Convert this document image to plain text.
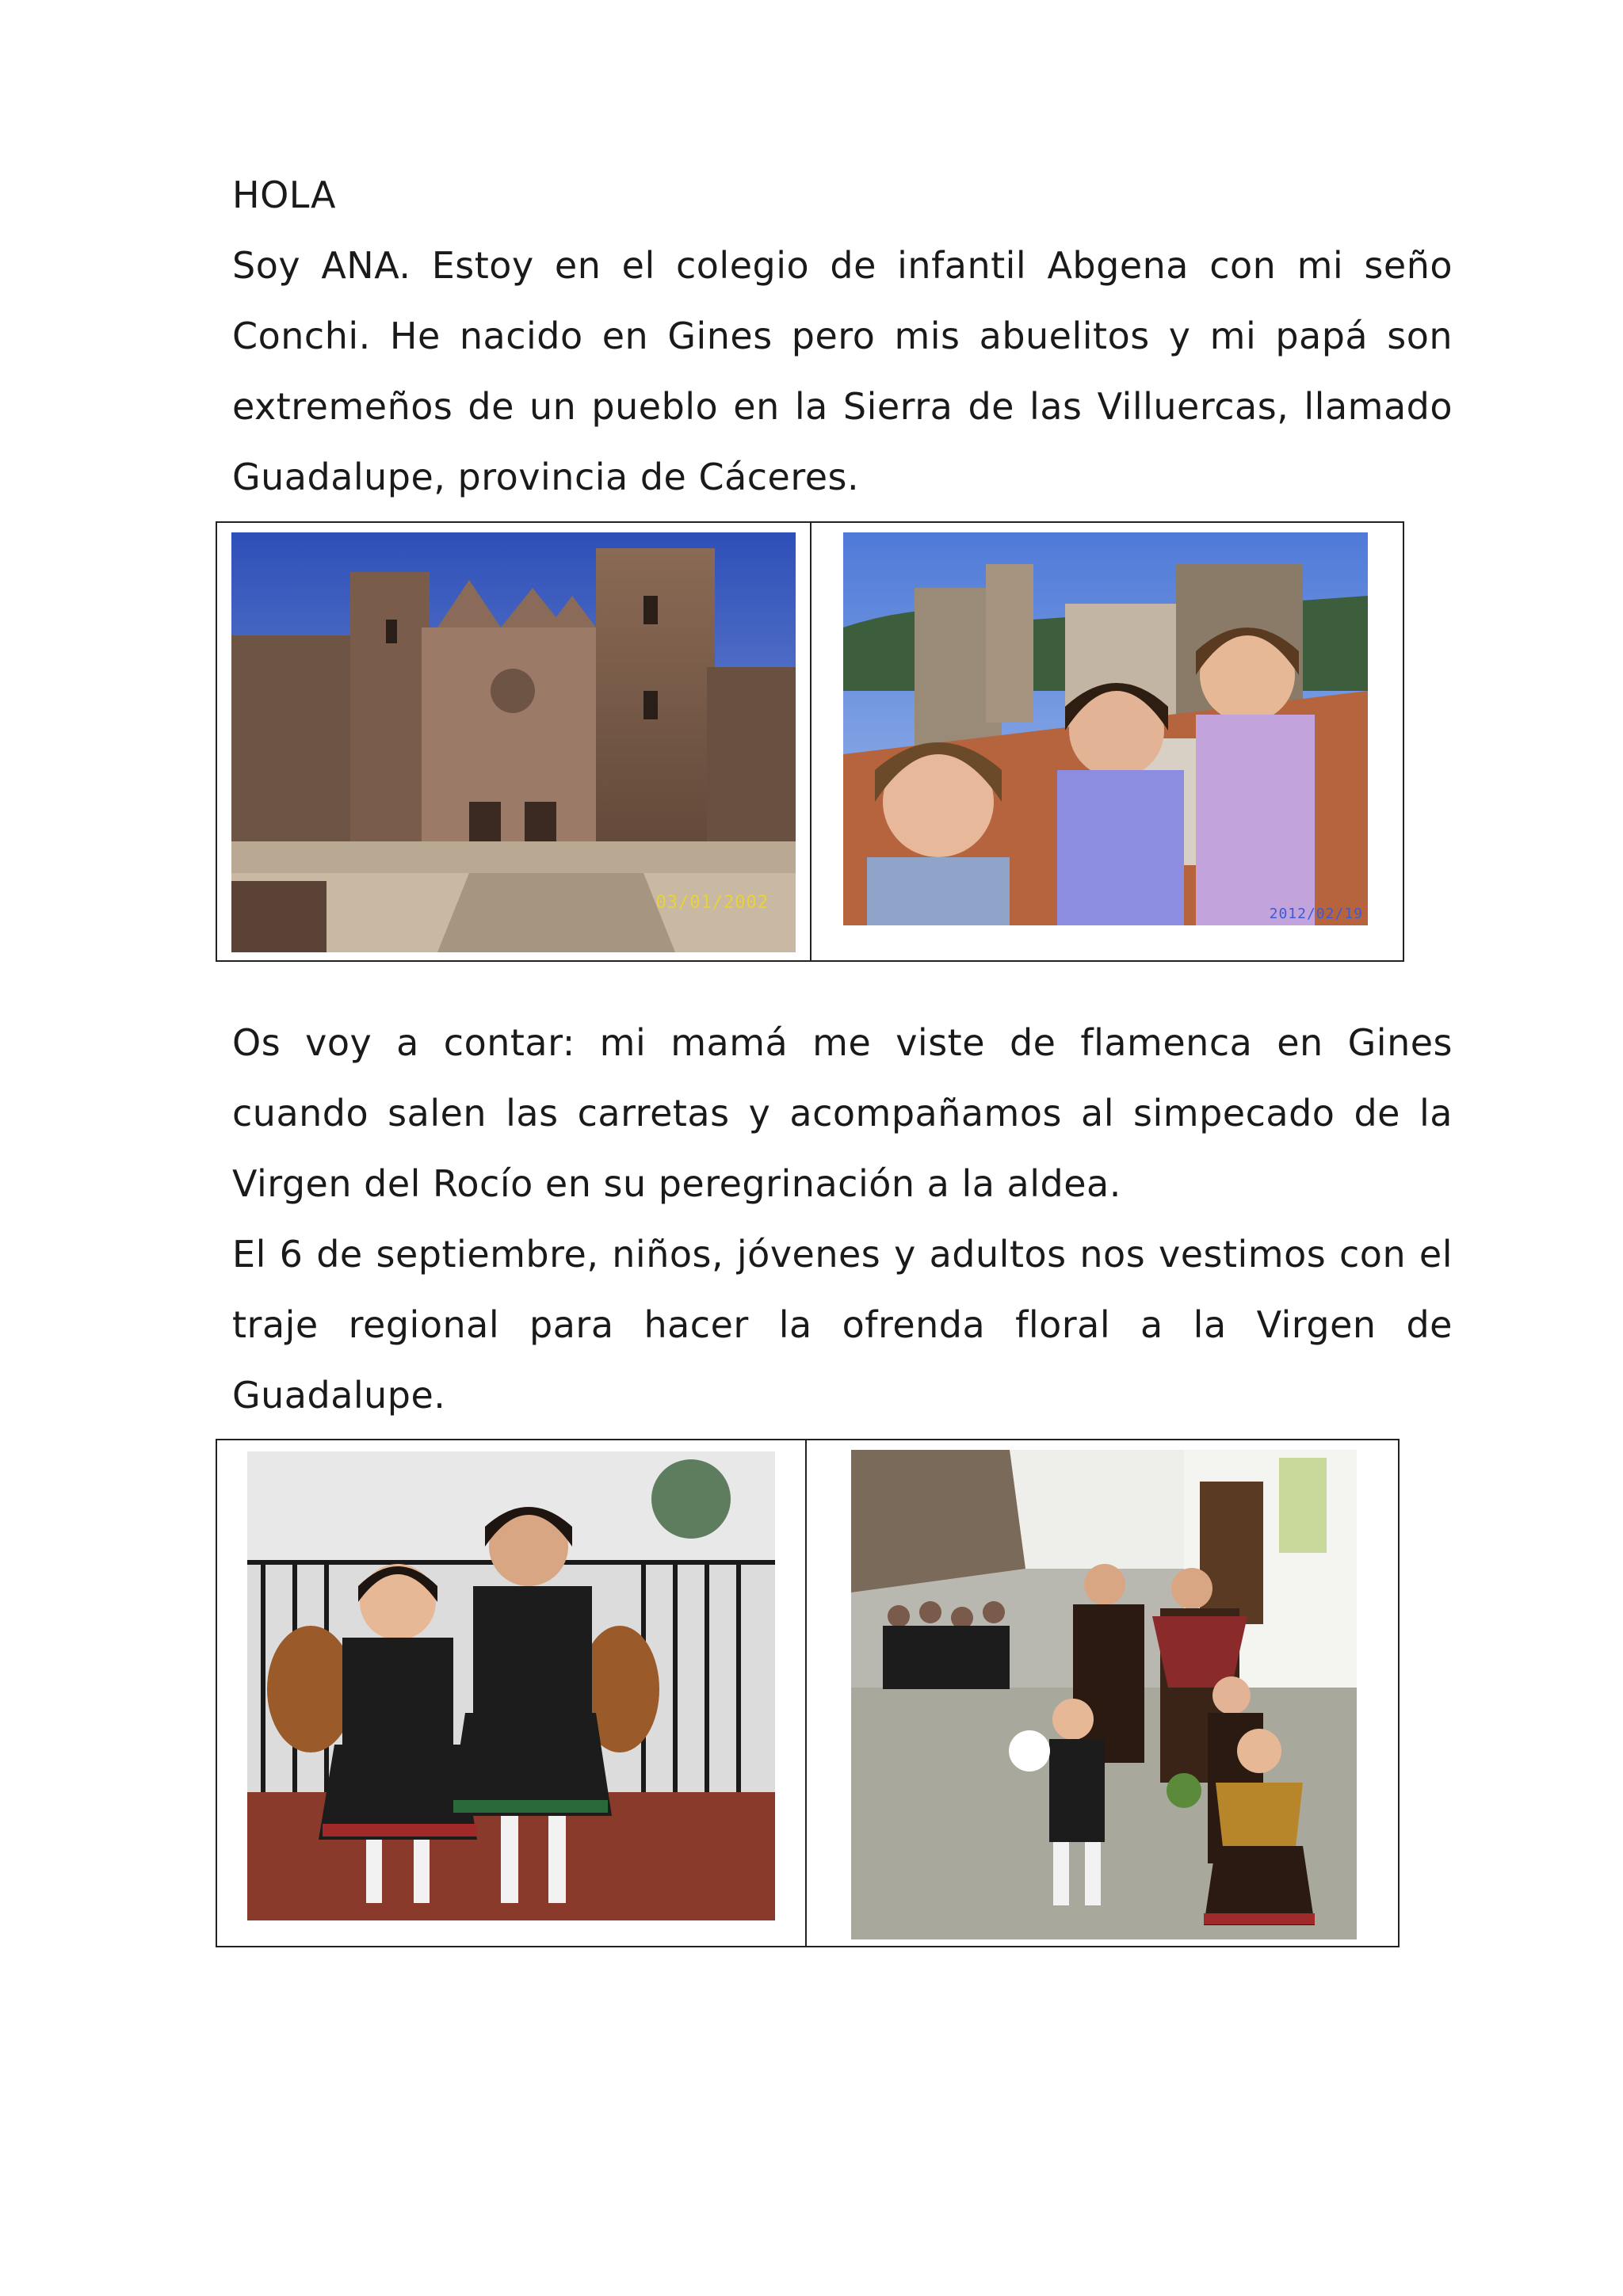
HOLA

Soy ANA. Estoy en el colegio de infantil Abgena con mi seño Conchi. He nacido en Gines pero mis abuelitos y mi papá son extremeños de un pueblo en la Sierra de las Villuercas, llamado Guadalupe, provincia de Cáceres.

03/01/2002
2012/02/19

Os voy a contar: mi mamá me viste de flamenca en Gines cuando salen las carretas y acompañamos al simpecado de la Virgen del Rocío en su peregrinación a la aldea.

El 6 de septiembre, niños, jóvenes y adultos nos vestimos con el traje regional para hacer la ofrenda floral a la Virgen de Guadalupe.
